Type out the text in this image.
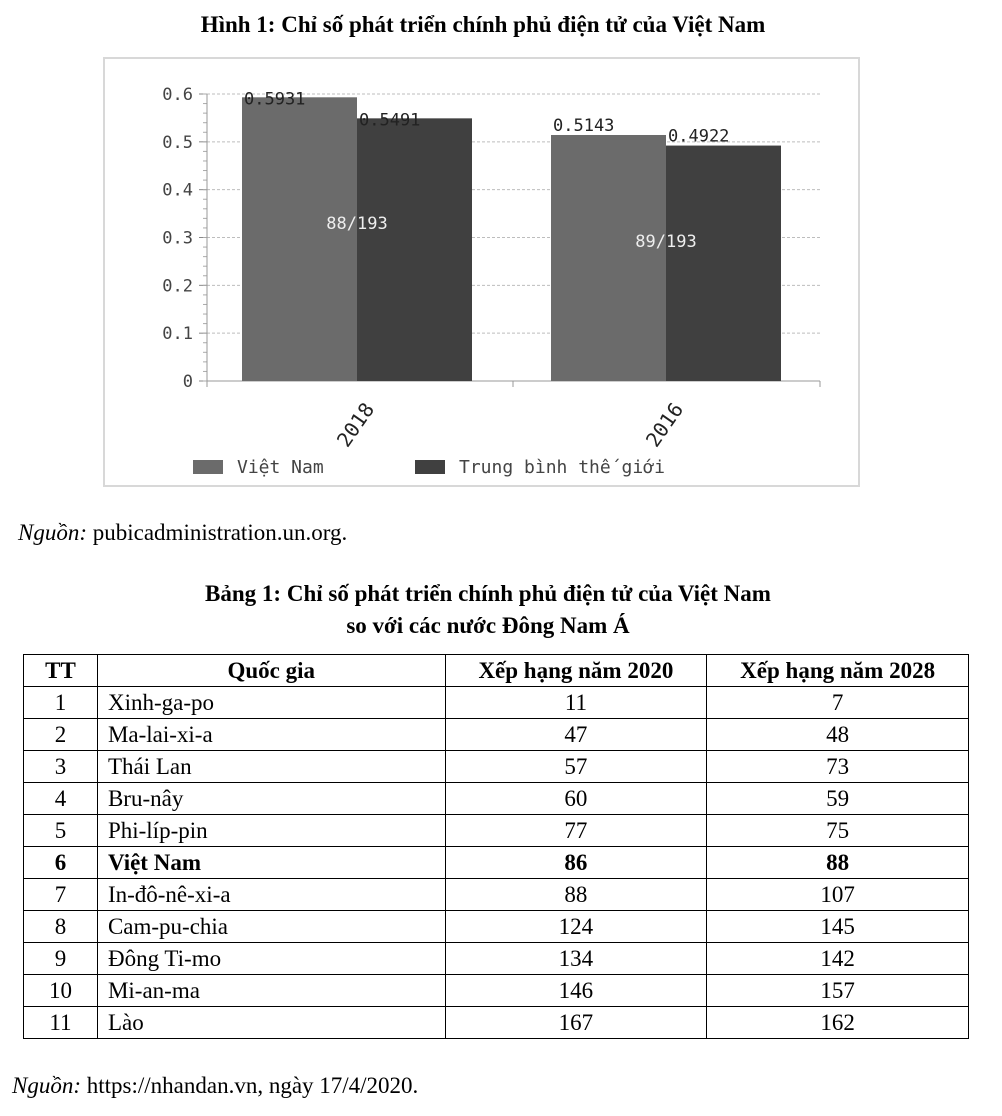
Hình 1: Chỉ số phát triển chính phủ điện tử của Việt Nam
0
0.1
0.2
0.3
0.4
0.5
0.6	0.5931
0.5491
88/193
2018
0.5143
0.4922
89/193
2016
Việt Nam	Trung bình thế giới
Nguồn: pubicadministration.un.org.
Bảng 1: Chỉ số phát triển chính phủ điện tử của Việt Nam
so với các nước Đông Nam Á
TT	Quốc gia	Xếp hạng năm 2020	Xếp hạng năm 2028
1	Xinh-ga-po	11	7
2	Ma-lai-xi-a	47	48
3	Thái Lan	57	73
4	Bru-nây	60	59
5	Phi-líp-pin	77	75
6	Việt Nam	86	88
7	In-đô-nê-xi-a	88	107
8	Cam-pu-chia	124	145
9	Đông Ti-mo	134	142
10	Mi-an-ma	146	157
11	Lào	167	162
Nguồn: https://nhandan.vn, ngày 17/4/2020.
